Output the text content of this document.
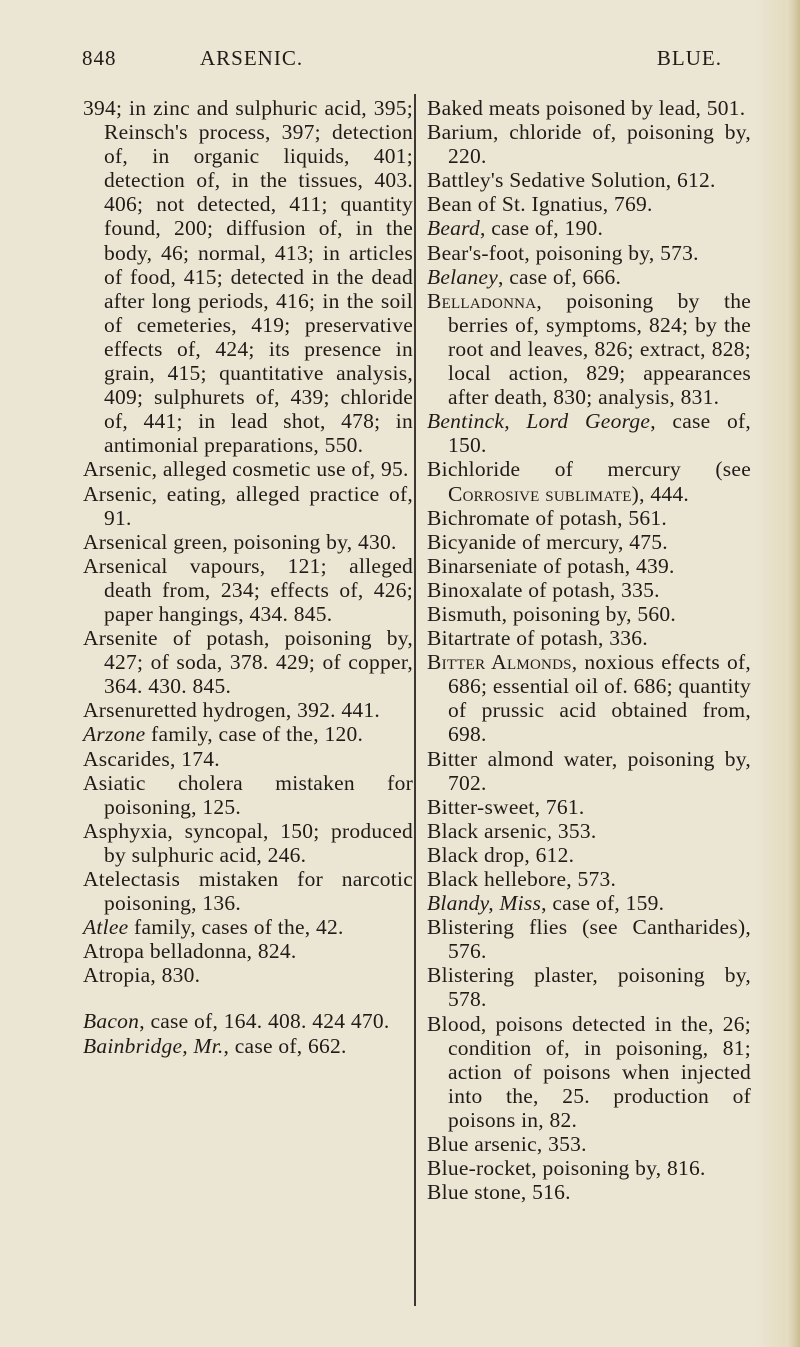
848	ARSENIC.	BLUE.

394; in zinc and sulphuric acid, 395; Reinsch's process, 397; detection of, in organic liquids, 401; detection of, in the tissues, 403. 406; not detected, 411; quantity found, 200; diffusion of, in the body, 46; normal, 413; in articles of food, 415; detected in the dead after long periods, 416; in the soil of cemeteries, 419; preservative effects of, 424; its presence in grain, 415; quantitative analysis, 409; sulphurets of, 439; chloride of, 441; in lead shot, 478; in antimonial preparations, 550.

Arsenic, alleged cosmetic use of, 95.

Arsenic, eating, alleged practice of, 91.

Arsenical green, poisoning by, 430.

Arsenical vapours, 121; alleged death from, 234; effects of, 426; paper hangings, 434. 845.

Arsenite of potash, poisoning by, 427; of soda, 378. 429; of copper, 364. 430. 845.

Arsenuretted hydrogen, 392. 441.

Arzone family, case of the, 120.

Ascarides, 174.

Asiatic cholera mistaken for poisoning, 125.

Asphyxia, syncopal, 150; produced by sulphuric acid, 246.

Atelectasis mistaken for narcotic poisoning, 136.

Atlee family, cases of the, 42.

Atropa belladonna, 824.

Atropia, 830.

Bacon, case of, 164. 408. 424 470.

Bainbridge, Mr., case of, 662.

Baked meats poisoned by lead, 501.

Barium, chloride of, poisoning by, 220.

Battley's Sedative Solution, 612.

Bean of St. Ignatius, 769.

Beard, case of, 190.

Bear's-foot, poisoning by, 573.

Belaney, case of, 666.

Belladonna, poisoning by the berries of, symptoms, 824; by the root and leaves, 826; extract, 828; local action, 829; appearances after death, 830; analysis, 831.

Bentinck, Lord George, case of, 150.

Bichloride of mercury (see Corrosive sublimate), 444.

Bichromate of potash, 561.

Bicyanide of mercury, 475.

Binarseniate of potash, 439.

Binoxalate of potash, 335.

Bismuth, poisoning by, 560.

Bitartrate of potash, 336.

Bitter Almonds, noxious effects of, 686; essential oil of. 686; quantity of prussic acid obtained from, 698.

Bitter almond water, poisoning by, 702.

Bitter-sweet, 761.

Black arsenic, 353.

Black drop, 612.

Black hellebore, 573.

Blandy, Miss, case of, 159.

Blistering flies (see Cantharides), 576.

Blistering plaster, poisoning by, 578.

Blood, poisons detected in the, 26; condition of, in poisoning, 81; action of poisons when injected into the, 25. production of poisons in, 82.

Blue arsenic, 353.

Blue-rocket, poisoning by, 816.

Blue stone, 516.
